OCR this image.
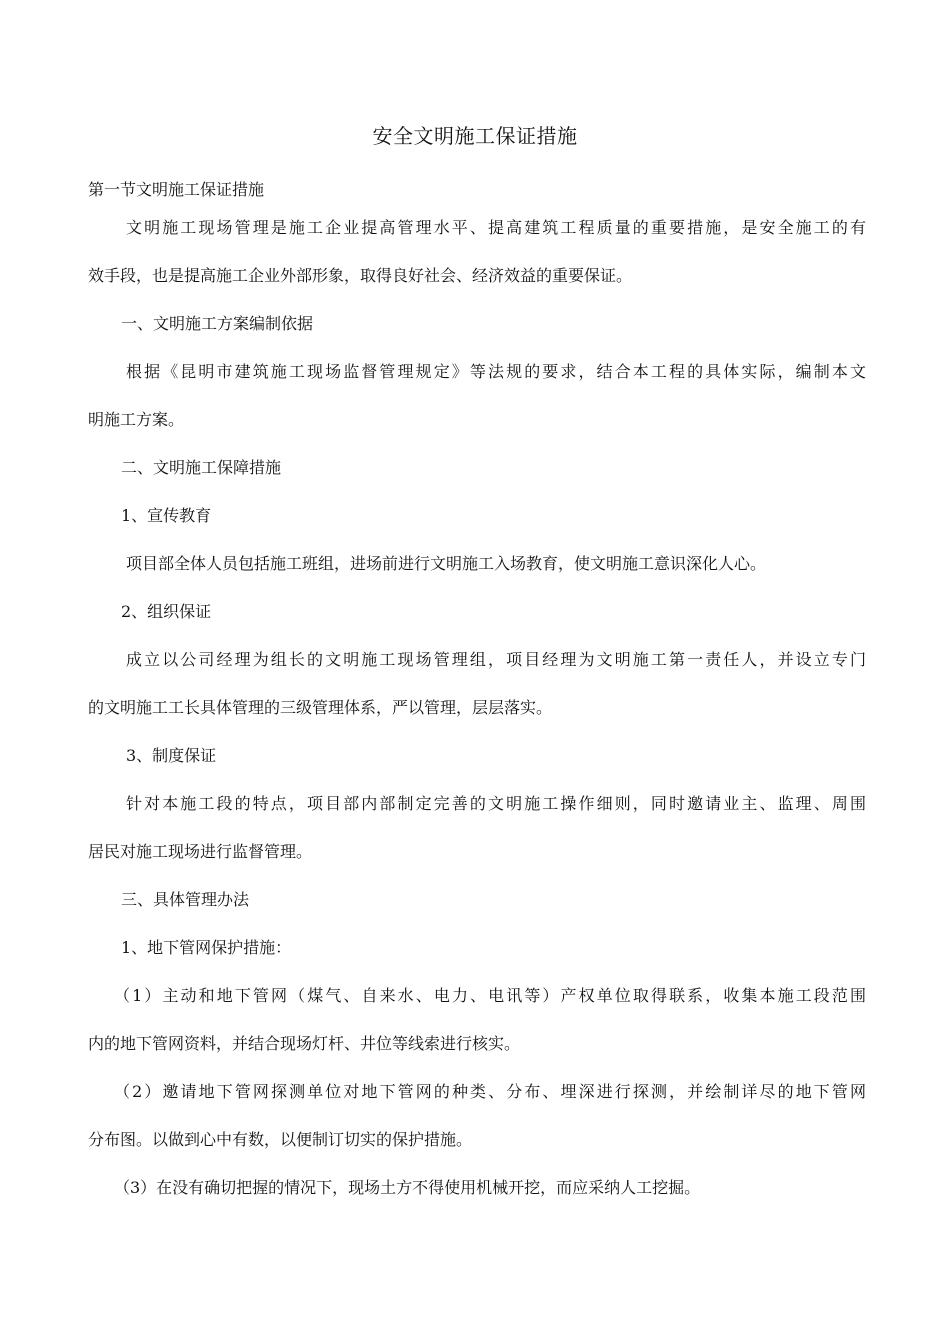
安全文明施工保证措施
第一节文明施工保证措施
文明施工现场管理是施工企业提高管理水平、提高建筑工程质量的重要措施，是安全施工的有
效手段，也是提高施工企业外部形象，取得良好社会、经济效益的重要保证。
一、文明施工方案编制依据
根据《昆明市建筑施工现场监督管理规定》等法规的要求，结合本工程的具体实际，编制本文
明施工方案。
二、文明施工保障措施
1、宣传教育
项目部全体人员包括施工班组，进场前进行文明施工入场教育，使文明施工意识深化人心。
2、组织保证
成立以公司经理为组长的文明施工现场管理组，项目经理为文明施工第一责任人，并设立专门
的文明施工工长具体管理的三级管理体系，严以管理，层层落实。
3、制度保证
针对本施工段的特点，项目部内部制定完善的文明施工操作细则，同时邀请业主、监理、周围
居民对施工现场进行监督管理。
三、具体管理办法
1、地下管网保护措施：
（1）主动和地下管网（煤气、自来水、电力、电讯等）产权单位取得联系，收集本施工段范围
内的地下管网资料，并结合现场灯杆、井位等线索进行核实。
（2）邀请地下管网探测单位对地下管网的种类、分布、埋深进行探测，并绘制详尽的地下管网
分布图。以做到心中有数，以便制订切实的保护措施。
（3）在没有确切把握的情况下，现场土方不得使用机械开挖，而应采纳人工挖掘。
